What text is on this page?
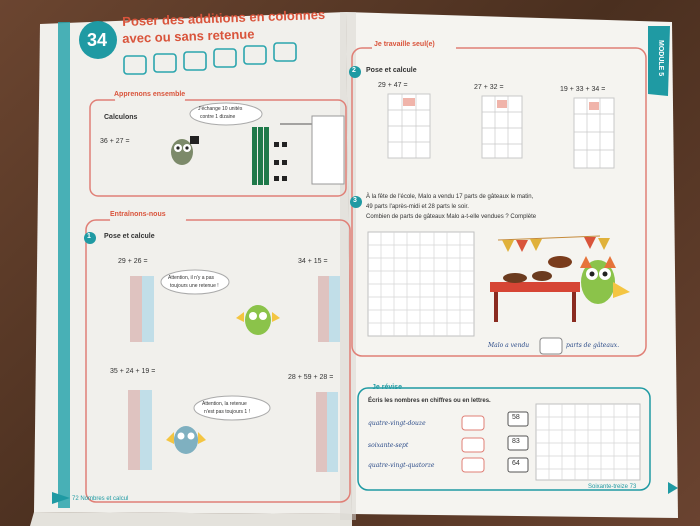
34
Poser des additions en colonnes
avec ou sans retenue
Apprenons ensemble
Calculons
36 + 27 =
J'échange 10 unités
contre 1 dizaine
Entraînons-nous
1 Pose et calcule
29 + 26 =	34 + 15 =
35 + 24 + 19 =
28 + 59 + 28 =
Attention, il n'y a pas
toujours une retenue !
Attention, la retenue
n'est pas toujours 1 !
72 Nombres et calcul
Je travaille seul(e)
2 Pose et calcule
29 + 47 =	27 + 32 =	19 + 33 + 34 =
3 À la fête de l'école, Malo a vendu 17 parts de gâteaux le matin,
49 parts l'après-midi et 28 parts le soir.
Combien de parts de gâteaux Malo a-t-elle vendues ? Complète
Malo a vendu	parts de gâteaux.
Je révise
Écris les nombres en chiffres ou en lettres.
quatre-vingt-douze
soixante-sept
quatre-vingt-quatorze
58
83
64
MODULE 5
Soixante-treize 73
